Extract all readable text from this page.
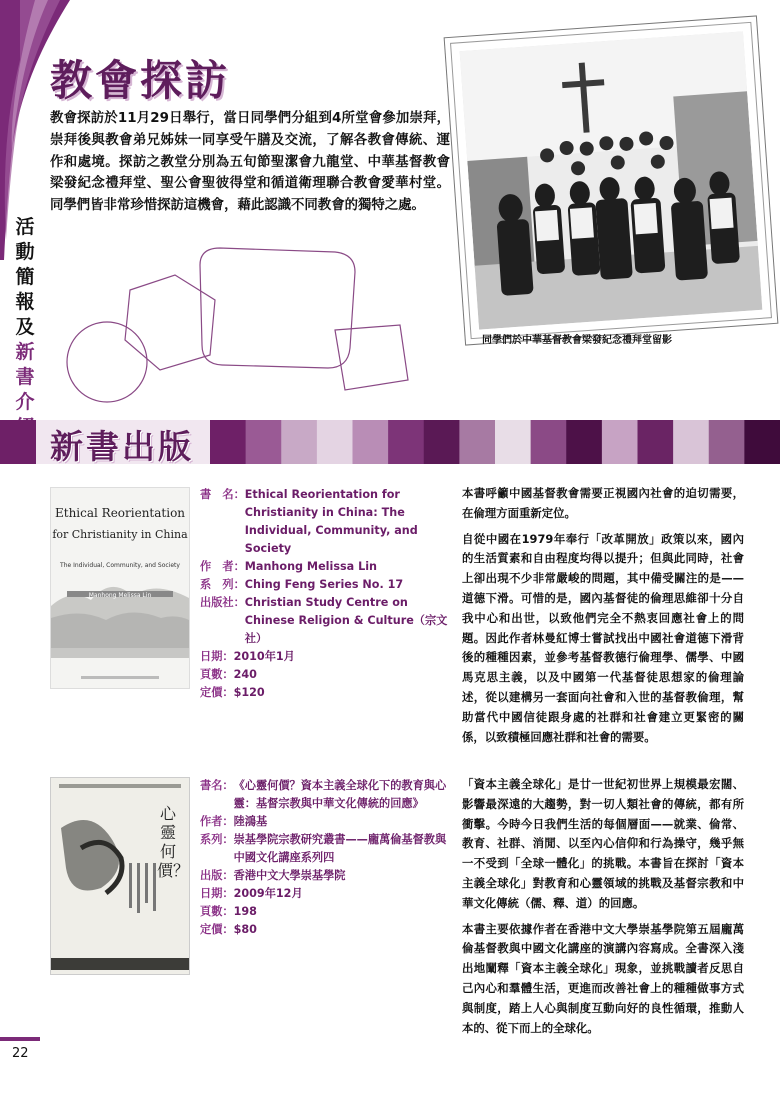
活
動
簡
報
及
新
書
介
教會探訪
教會探訪於11月29日舉行，當日同學們分組到4所堂會參加崇拜，崇拜後與教會弟兄姊妹一同享受午膳及交流，了解各教會傳統、運作和處境。探訪之教堂分別為五旬節聖潔會九龍堂、中華基督教會梁發紀念禮拜堂、聖公會聖彼得堂和循道衛理聯合教會愛華村堂。同學們皆非常珍惜探訪這機會，藉此認識不同教會的獨特之處。
同學們於中華基督教會梁發紀念禮拜堂留影
新書出版
Ethical Reorientation
for Christianity in China
The Individual, Community, and Society
Manhong Melissa Lin
書　名： Ethical Reorientation for Christianity in China: The Individual, Community, and Society
作　者： Manhong Melissa Lin
系　列： Ching Feng Series No. 17
出版社： Christian Study Centre on Chinese Religion & Culture（宗文社）
日期： 2010年1月
頁數： 240
定價： $120

本書呼籲中國基督教會需要正視國內社會的迫切需要，在倫理方面重新定位。

自從中國在1979年奉行「改革開放」政策以來，國內的生活質素和自由程度均得以提升；但與此同時，社會上卻出現不少非常嚴峻的問題，其中備受關注的是——道德下滑。可惜的是，國內基督徒的倫理思維卻十分自我中心和出世，以致他們完全不熱衷回應社會上的問題。因此作者林曼紅博士嘗試找出中國社會道德下滑背後的種種因素，並參考基督教德行倫理學、儒學、中國馬克思主義，以及中國第一代基督徒思想家的倫理論述，從以建構另一套面向社會和入世的基督教倫理，幫助當代中國信徒跟身處的社群和社會建立更緊密的關係，以致積極回應社群和社會的需要。

心靈何價？
書名： 《心靈何價？資本主義全球化下的教育與心靈：基督宗教與中華文化傳統的回應》
作者： 陸鴻基
系列： 崇基學院宗教研究叢書——龐萬倫基督教與中國文化講座系列四
出版： 香港中文大學崇基學院
日期： 2009年12月
頁數： 198
定價： $80

「資本主義全球化」是廿一世紀初世界上規模最宏闊、影響最深遠的大趨勢，對一切人類社會的傳統，都有所衝擊。今時今日我們生活的每個層面——就業、倫常、教育、社群、消閒、以至內心信仰和行為操守，幾乎無一不受到「全球一體化」的挑戰。本書旨在探討「資本主義全球化」對教育和心靈領域的挑戰及基督宗教和中華文化傳統（儒、釋、道）的回應。

本書主要依據作者在香港中文大學崇基學院第五屆龐萬倫基督教與中國文化講座的演講內容寫成。全書深入淺出地闡釋「資本主義全球化」現象，並挑戰讀者反思自己內心和羣體生活，更進而改善社會上的種種做事方式與制度，踏上人心與制度互動向好的良性循環，推動人本的、從下而上的全球化。

22
